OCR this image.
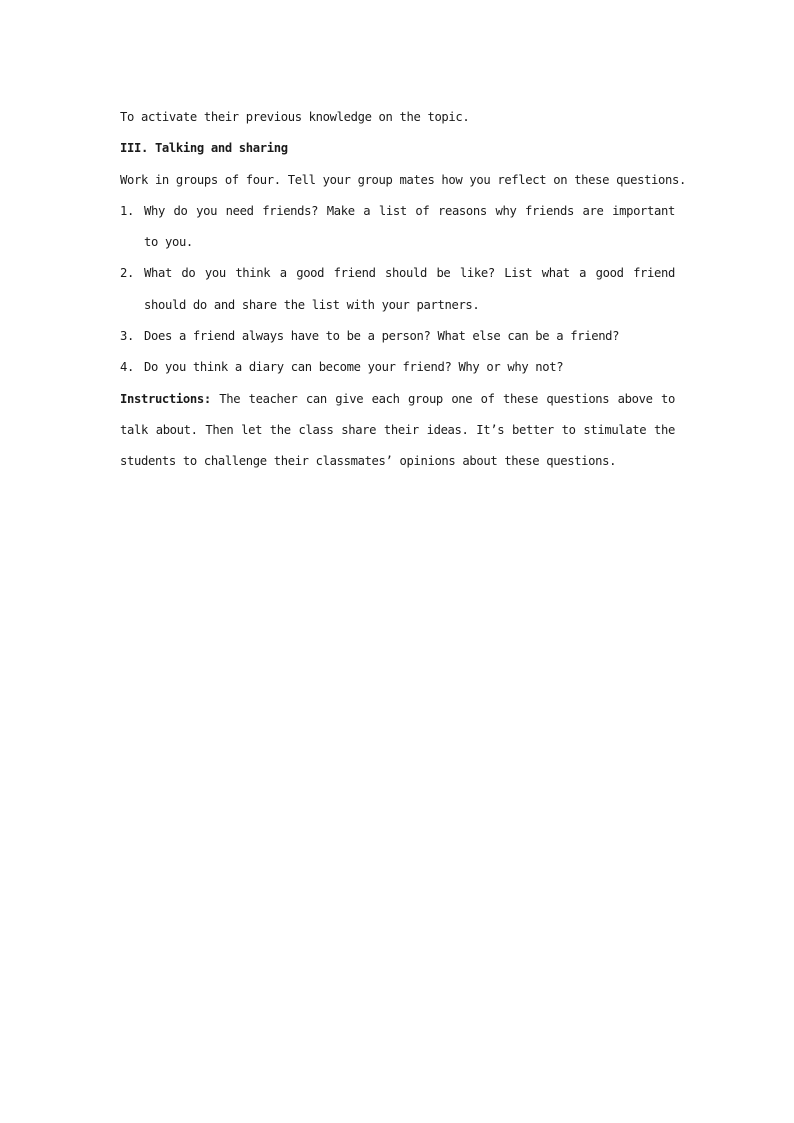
To activate their previous knowledge on the topic.

III. Talking and sharing

Work in groups of four. Tell your group mates how you reflect on these questions.

1. Why do you need friends? Make a list of reasons why friends are important to you.
2. What do you think a good friend should be like? List what a good friend should do and share the list with your partners.
3. Does a friend always have to be a person? What else can be a friend?
4. Do you think a diary can become your friend? Why or why not?

Instructions: The teacher can give each group one of these questions above to talk about. Then let the class share their ideas. It’s better to stimulate the students to challenge their classmates’ opinions about these questions.
